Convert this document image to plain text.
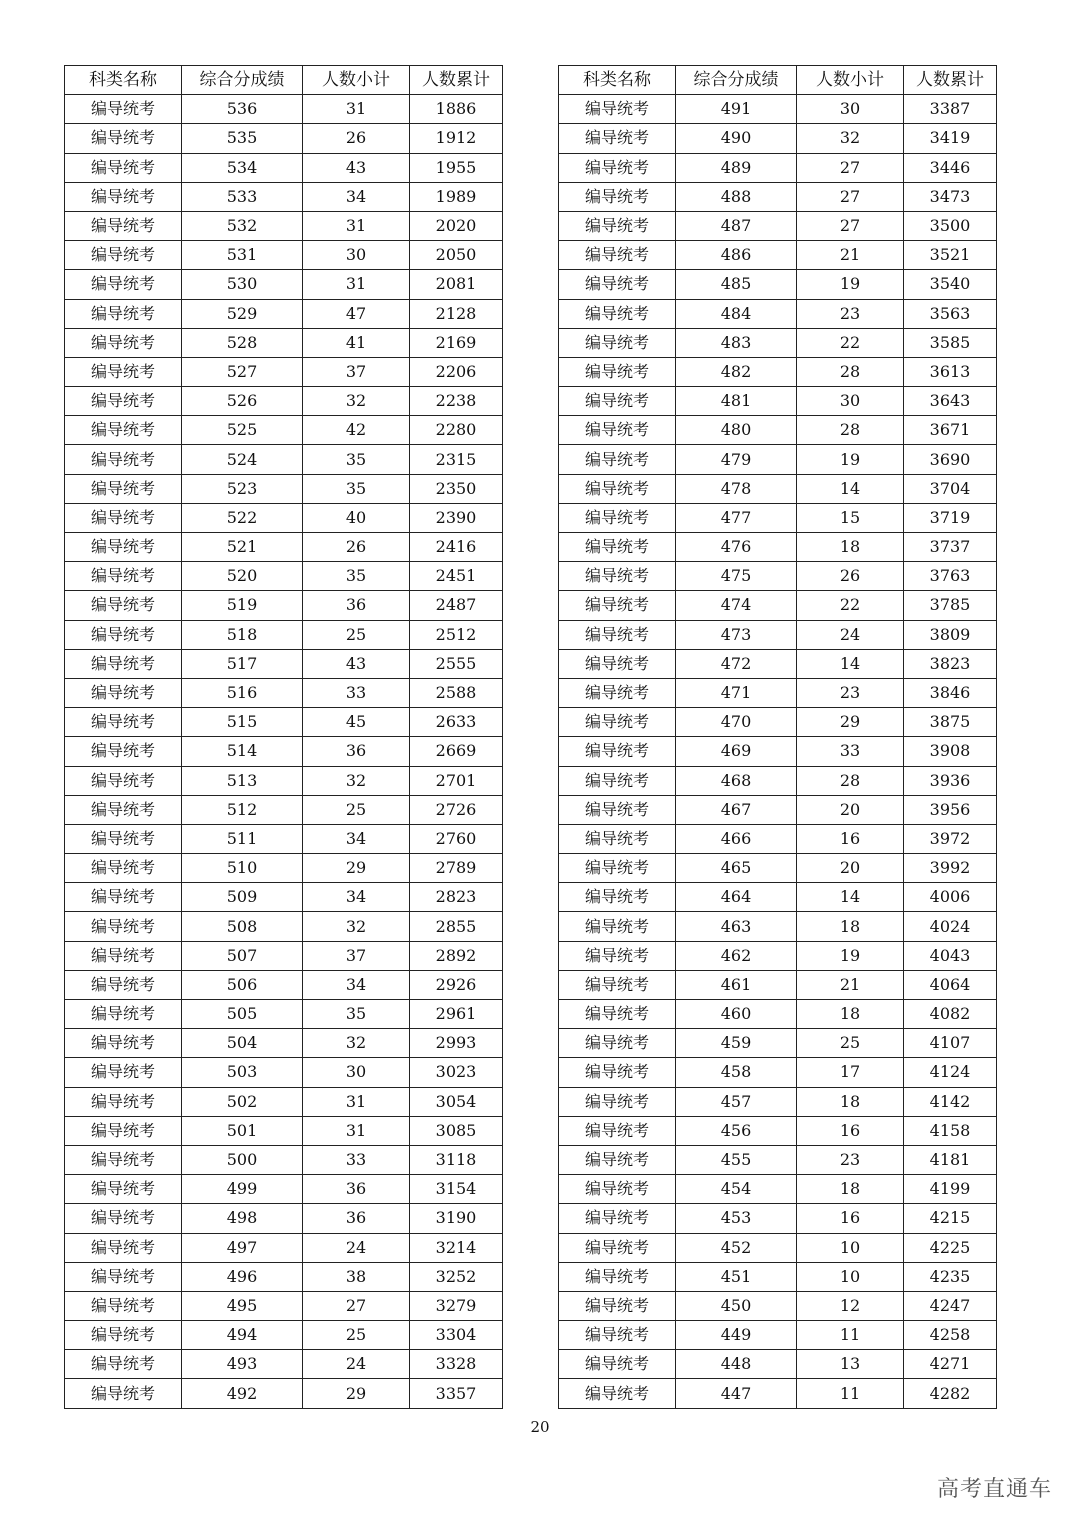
科类名称	综合分成绩	人数小计	人数累计
编导统考	536	31	1886
编导统考	535	26	1912
编导统考	534	43	1955
编导统考	533	34	1989
编导统考	532	31	2020
编导统考	531	30	2050
编导统考	530	31	2081
编导统考	529	47	2128
编导统考	528	41	2169
编导统考	527	37	2206
编导统考	526	32	2238
编导统考	525	42	2280
编导统考	524	35	2315
编导统考	523	35	2350
编导统考	522	40	2390
编导统考	521	26	2416
编导统考	520	35	2451
编导统考	519	36	2487
编导统考	518	25	2512
编导统考	517	43	2555
编导统考	516	33	2588
编导统考	515	45	2633
编导统考	514	36	2669
编导统考	513	32	2701
编导统考	512	25	2726
编导统考	511	34	2760
编导统考	510	29	2789
编导统考	509	34	2823
编导统考	508	32	2855
编导统考	507	37	2892
编导统考	506	34	2926
编导统考	505	35	2961
编导统考	504	32	2993
编导统考	503	30	3023
编导统考	502	31	3054
编导统考	501	31	3085
编导统考	500	33	3118
编导统考	499	36	3154
编导统考	498	36	3190
编导统考	497	24	3214
编导统考	496	38	3252
编导统考	495	27	3279
编导统考	494	25	3304
编导统考	493	24	3328
编导统考	492	29	3357
科类名称	综合分成绩	人数小计	人数累计
编导统考	491	30	3387
编导统考	490	32	3419
编导统考	489	27	3446
编导统考	488	27	3473
编导统考	487	27	3500
编导统考	486	21	3521
编导统考	485	19	3540
编导统考	484	23	3563
编导统考	483	22	3585
编导统考	482	28	3613
编导统考	481	30	3643
编导统考	480	28	3671
编导统考	479	19	3690
编导统考	478	14	3704
编导统考	477	15	3719
编导统考	476	18	3737
编导统考	475	26	3763
编导统考	474	22	3785
编导统考	473	24	3809
编导统考	472	14	3823
编导统考	471	23	3846
编导统考	470	29	3875
编导统考	469	33	3908
编导统考	468	28	3936
编导统考	467	20	3956
编导统考	466	16	3972
编导统考	465	20	3992
编导统考	464	14	4006
编导统考	463	18	4024
编导统考	462	19	4043
编导统考	461	21	4064
编导统考	460	18	4082
编导统考	459	25	4107
编导统考	458	17	4124
编导统考	457	18	4142
编导统考	456	16	4158
编导统考	455	23	4181
编导统考	454	18	4199
编导统考	453	16	4215
编导统考	452	10	4225
编导统考	451	10	4235
编导统考	450	12	4247
编导统考	449	11	4258
编导统考	448	13	4271
编导统考	447	11	4282
20
高考直通车
